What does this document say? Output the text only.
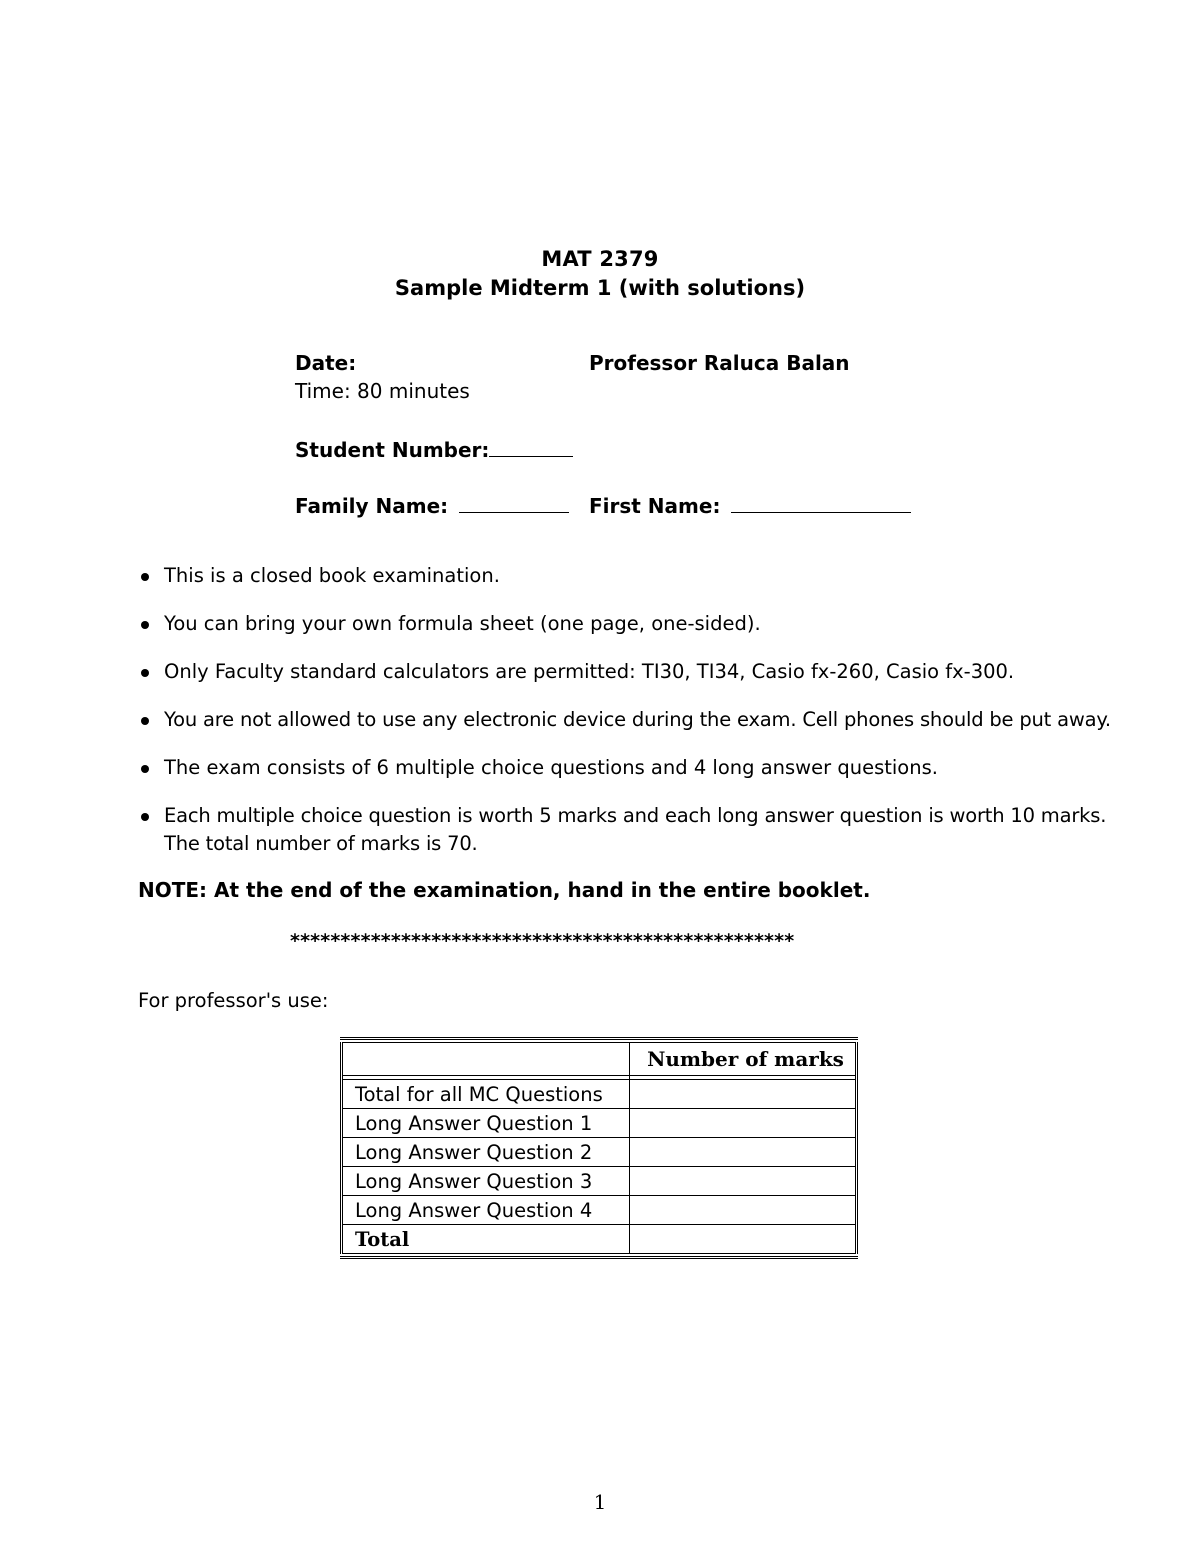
MAT 2379
Sample Midterm 1 (with solutions)
Date:	Professor Raluca Balan
Time: 80 minutes
Student Number:
Family Name:	First Name:
This is a closed book examination.
You can bring your own formula sheet (one page, one-sided).
Only Faculty standard calculators are permitted: TI30, TI34, Casio fx-260, Casio fx-300.
You are not allowed to use any electronic device during the exam. Cell phones should be put away.
The exam consists of 6 multiple choice questions and 4 long answer questions.
Each multiple choice question is worth 5 marks and each long answer question is worth 10 marks.
The total number of marks is 70.
NOTE: At the end of the examination, hand in the entire booklet.
**************************************************
For professor's use:
	Number of marks

Total for all MC Questions	
Long Answer Question 1	
Long Answer Question 2	
Long Answer Question 3	
Long Answer Question 4	
Total	
1
